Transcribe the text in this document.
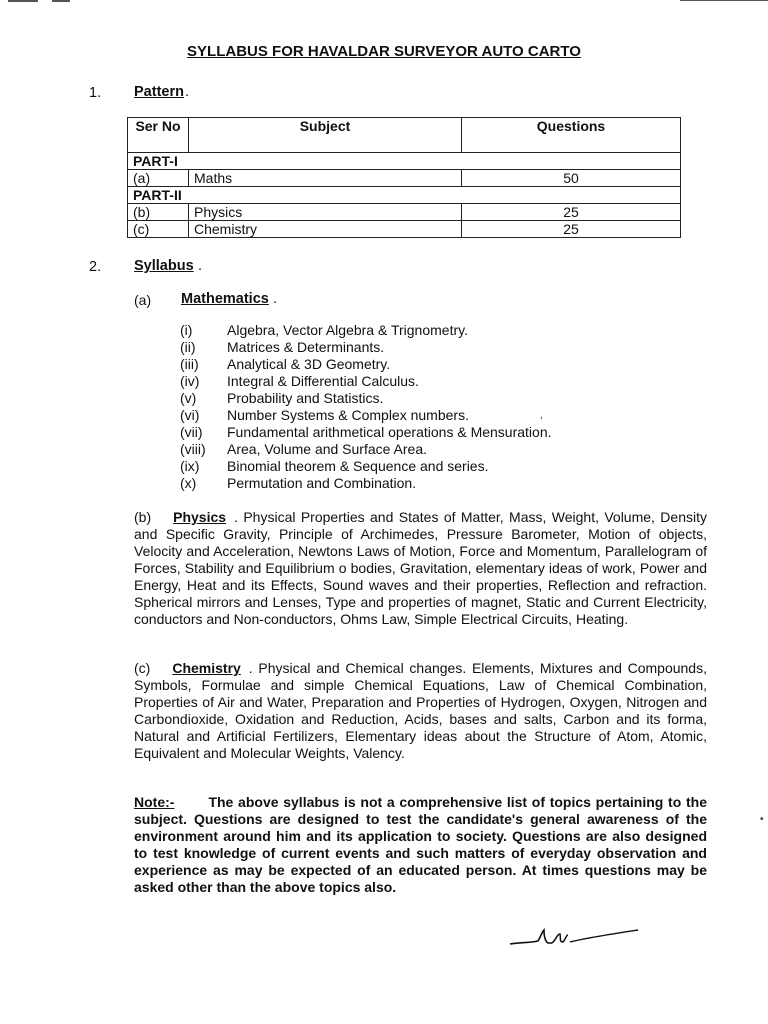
SYLLABUS FOR HAVALDAR SURVEYOR AUTO CARTO
1. Pattern .
Ser No	Subject	Questions
PART-I		
(a)	Maths	50
PART-II		
(b)	Physics	25
(c)	Chemistry	25
2. Syllabus .
(a) Mathematics .
(i)	Algebra, Vector Algebra & Trignometry.
(ii)	Matrices & Determinants.
(iii)	Analytical & 3D Geometry.
(iv)	Integral & Differential Calculus.
(v)	Probability and Statistics.
(vi)	Number Systems & Complex numbers.
(vii)	Fundamental arithmetical operations & Mensuration.
(viii)	Area, Volume and Surface Area.
(ix)	Binomial theorem & Sequence and series.
(x)	Permutation and Combination.
,

(b) Physics . Physical Properties and States of Matter, Mass, Weight, Volume, Density and Specific Gravity, Principle of Archimedes, Pressure Barometer, Motion of objects, Velocity and Acceleration, Newtons Laws of Motion, Force and Momentum, Parallelogram of Forces, Stability and Equilibrium o bodies, Gravitation, elementary ideas of work, Power and Energy, Heat and its Effects, Sound waves and their properties, Reflection and refraction. Spherical mirrors and Lenses, Type and properties of magnet, Static and Current Electricity, conductors and Non-conductors, Ohms Law, Simple Electrical Circuits, Heating.

(c) Chemistry . Physical and Chemical changes. Elements, Mixtures and Compounds, Symbols, Formulae and simple Chemical Equations, Law of Chemical Combination, Properties of Air and Water, Preparation and Properties of Hydrogen, Oxygen, Nitrogen and Carbondioxide, Oxidation and Reduction, Acids, bases and salts, Carbon and its forma, Natural and Artificial Fertilizers, Elementary ideas about the Structure of Atom, Atomic, Equivalent and Molecular Weights, Valency.

Note:- The above syllabus is not a comprehensive list of topics pertaining to the subject. Questions are designed to test the candidate's general awareness of the environment around him and its application to society. Questions are also designed to test knowledge of current events and such matters of everyday observation and experience as may be expected of an educated person. At times questions may be asked other than the above topics also.

•
